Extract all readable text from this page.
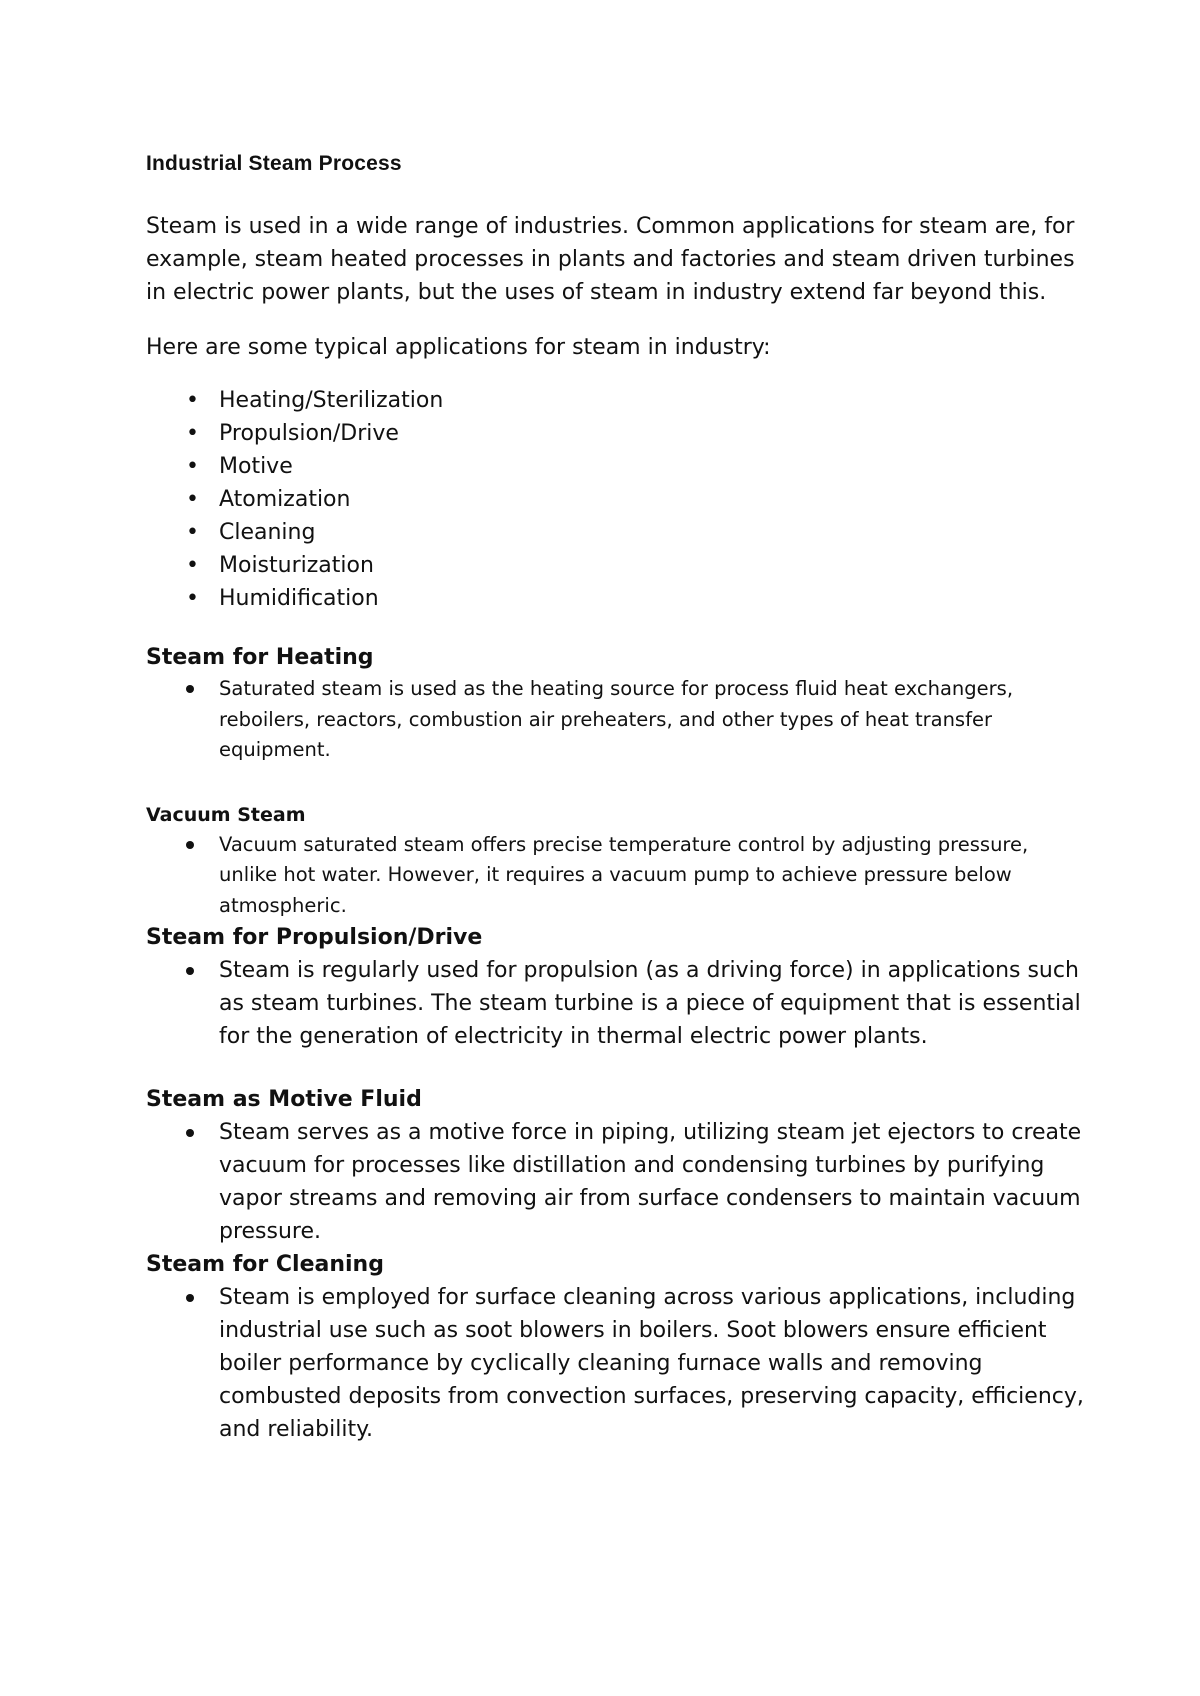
Industrial Steam Process

Steam is used in a wide range of industries. Common applications for steam are, for example, steam heated processes in plants and factories and steam driven turbines in electric power plants, but the uses of steam in industry extend far beyond this.

Here are some typical applications for steam in industry:

• Heating/Sterilization
• Propulsion/Drive
• Motive
• Atomization
• Cleaning
• Moisturization
• Humidification
Steam for Heating
Saturated steam is used as the heating source for process fluid heat exchangers, reboilers, reactors, combustion air preheaters, and other types of heat transfer equipment.
Vacuum Steam
Vacuum saturated steam offers precise temperature control by adjusting pressure, unlike hot water. However, it requires a vacuum pump to achieve pressure below atmospheric.
Steam for Propulsion/Drive
Steam is regularly used for propulsion (as a driving force) in applications such as steam turbines. The steam turbine is a piece of equipment that is essential for the generation of electricity in thermal electric power plants.
Steam as Motive Fluid
Steam serves as a motive force in piping, utilizing steam jet ejectors to create vacuum for processes like distillation and condensing turbines by purifying vapor streams and removing air from surface condensers to maintain vacuum pressure.
Steam for Cleaning
Steam is employed for surface cleaning across various applications, including industrial use such as soot blowers in boilers. Soot blowers ensure efficient boiler performance by cyclically cleaning furnace walls and removing combusted deposits from convection surfaces, preserving capacity, efficiency, and reliability.
